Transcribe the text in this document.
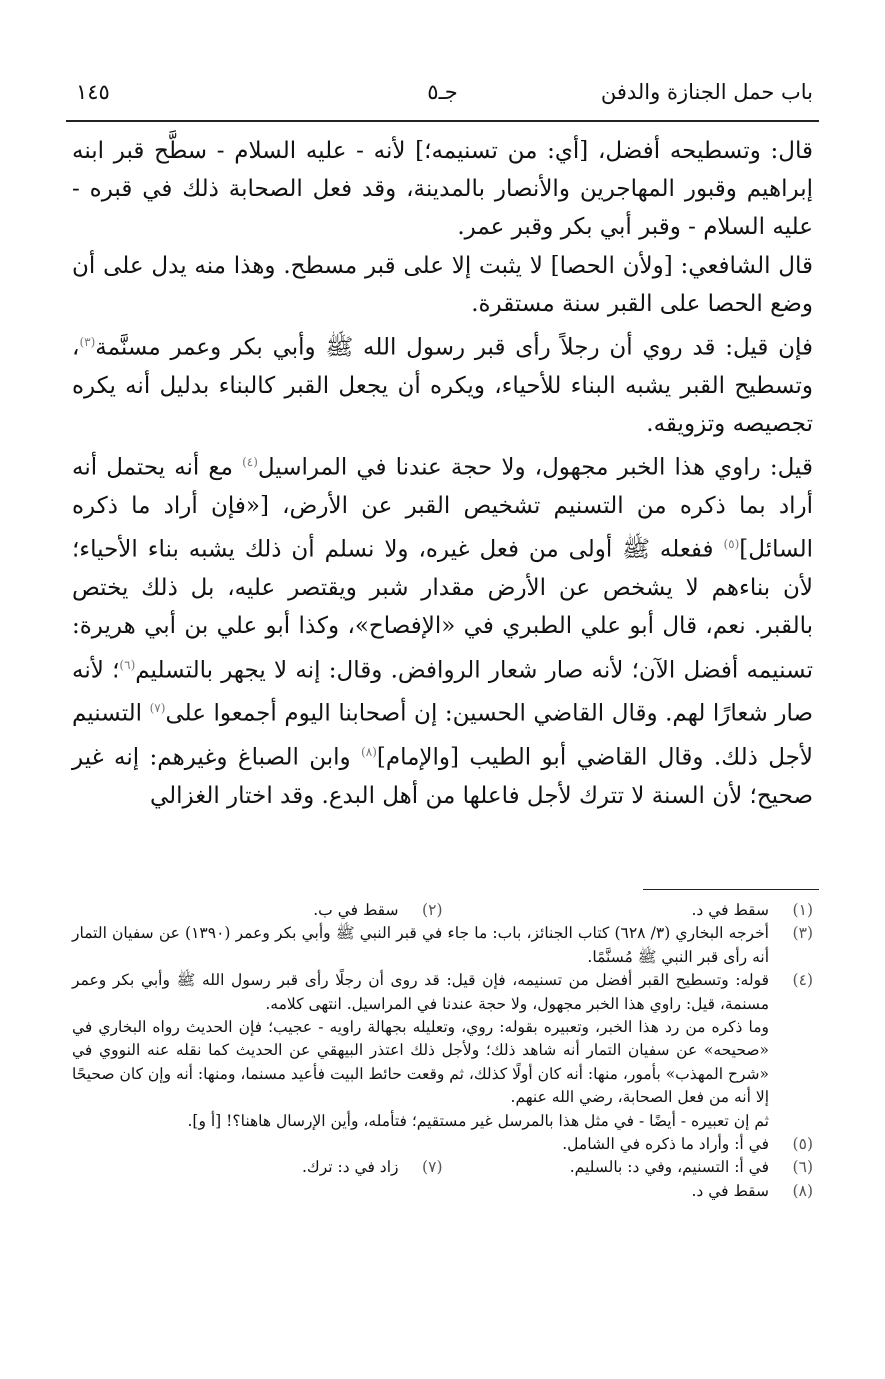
باب حمل الجنازة والدفن
جـ٥
١٤٥

قال: وتسطيحه أفضل، [أي: من تسنيمه؛] لأنه - عليه السلام - سطَّح قبر ابنه إبراهيم وقبور المهاجرين والأنصار بالمدينة، وقد فعل الصحابة ذلك في قبره - عليه السلام - وقبر أبي بكر وقبر عمر.

قال الشافعي: [ولأن الحصا] لا يثبت إلا على قبر مسطح. وهذا منه يدل على أن وضع الحصا على القبر سنة مستقرة.

فإن قيل: قد روي أن رجلاً رأى قبر رسول الله ﷺ وأبي بكر وعمر مسنَّمة$^{(٣)}$، وتسطيح القبر يشبه البناء للأحياء، ويكره أن يجعل القبر كالبناء بدليل أنه يكره تجصيصه وتزويقه.

قيل: راوي هذا الخبر مجهول، ولا حجة عندنا في المراسيل$^{(٤)}$ مع أنه يحتمل أنه أراد بما ذكره من التسنيم تشخيص القبر عن الأرض، [«فإن أراد ما ذكره السائل]$^{(٥)}$ ففعله ﷺ أولى من فعل غيره، ولا نسلم أن ذلك يشبه بناء الأحياء؛ لأن بناءهم لا يشخص عن الأرض مقدار شبر ويقتصر عليه، بل ذلك يختص بالقبر. نعم، قال أبو علي الطبري في «الإفصاح»، وكذا أبو علي بن أبي هريرة: تسنيمه أفضل الآن؛ لأنه صار شعار الروافض. وقال: إنه لا يجهر بالتسليم$^{(٦)}$؛ لأنه صار شعارًا لهم. وقال القاضي الحسين: إن أصحابنا اليوم أجمعوا على$^{(٧)}$ التسنيم لأجل ذلك. وقال القاضي أبو الطيب [والإمام]$^{(٨)}$ وابن الصباغ وغيرهم: إنه غير صحيح؛ لأن السنة لا تترك لأجل فاعلها من أهل البدع. وقد اختار الغزالي

(١)
سقط في د.
(٢)
سقط في ب.
(٣)
أخرجه البخاري (٣/ ٦٢٨) كتاب الجنائز، باب: ما جاء في قبر النبي ﷺ وأبي بكر وعمر (١٣٩٠) عن سفيان التمار أنه رأى قبر النبي ﷺ مُسنَّمًا.
(٤)
قوله: وتسطيح القبر أفضل من تسنيمه، فإن قيل: قد روى أن رجلًا رأى قبر رسول الله ﷺ وأبي بكر وعمر مسنمة، قيل: راوي هذا الخبر مجهول، ولا حجة عندنا في المراسيل. انتهى كلامه.
وما ذكره من رد هذا الخبر، وتعبيره بقوله: روي، وتعليله بجهالة راويه - عجيب؛ فإن الحديث رواه البخاري في «صحيحه» عن سفيان التمار أنه شاهد ذلك؛ ولأجل ذلك اعتذر البيهقي عن الحديث كما نقله عنه النووي في «شرح المهذب» بأمور، منها: أنه كان أولًا كذلك، ثم وقعت حائط البيت فأعيد مسنما، ومنها: أنه وإن كان صحيحًا إلا أنه من فعل الصحابة، رضي الله عنهم.
ثم إن تعبيره - أيضًا - في مثل هذا بالمرسل غير مستقيم؛ فتأمله، وأين الإرسال هاهنا؟! [أ و].
(٥)
في أ: وأراد ما ذكره في الشامل.
(٦)
في أ: التسنيم، وفي د: بالسليم.
(٧)
زاد في د: ترك.
(٨)
سقط في د.
